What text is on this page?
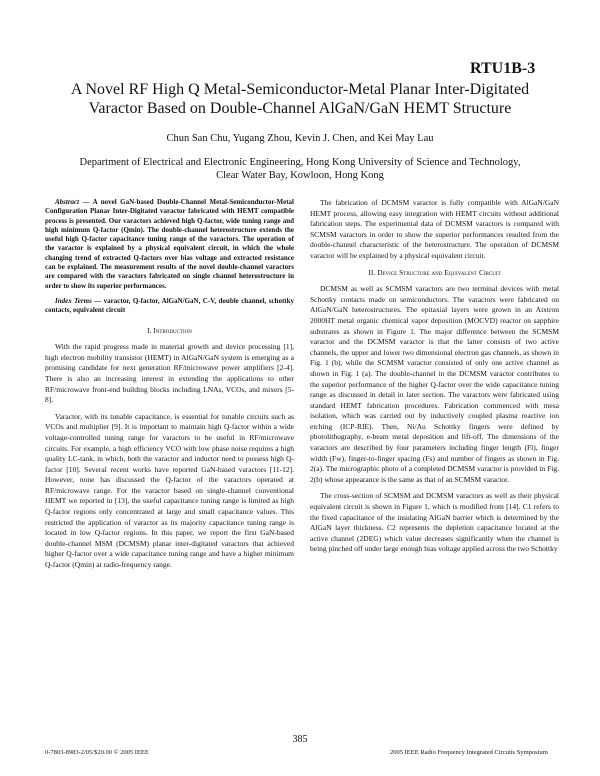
RTU1B-3
A Novel RF High Q Metal-Semiconductor-Metal Planar Inter-Digitated
Varactor Based on Double-Channel AlGaN/GaN HEMT Structure
Chun San Chu, Yugang Zhou, Kevin J. Chen, and Kei May Lau
Department of Electrical and Electronic Engineering, Hong Kong University of Science and Technology,
Clear Water Bay, Kowloon, Hong Kong

Abstract — A novel GaN-based Double-Channel Metal-Semiconductor-Metal Configuration Planar Inter-Digitated varactor fabricated with HEMT compatible process is presented. Our varactors achieved high Q-factor, wide tuning range and high minimum Q-factor (Qmin). The double-channel heterostructure extends the useful high Q-factor capacitance tuning range of the varactors. The operation of the varactor is explained by a physical equivalent circuit, in which the whole changing trend of extracted Q-factors over bias voltage and extracted resistance can be explained. The measurement results of the novel double-channel varactors are compared with the varactors fabricated on single channel heterostructure in order to show its superior performances.

Index Terms — varactor, Q-factor, AlGaN/GaN, C-V, double channel, schottky contacts, equivalent circuit

I. Introduction

With the rapid progress made in material growth and device processing [1], high electron mobility transistor (HEMT) in AlGaN/GaN system is emerging as a promising candidate for next generation RF/microwave power amplifiers [2-4]. There is also an increasing interest in extending the applications to other RF/microwave front-end building blocks including LNAs, VCOs, and mixers [5-8].

Varactor, with its tunable capacitance, is essential for tunable circuits such as VCOs and multiplier [9]. It is important to maintain high Q-factor within a wide voltage-controlled tuning range for varactors to be useful in RF/microwave circuits. For example, a high efficiency VCO with low phase noise requires a high quality LC-tank, in which, both the varactor and inductor need to possess high Q-factor [10]. Several recent works have reported GaN-based varactors [11-12]. However, none has discussed the Q-factor of the varactors operated at RF/microwave range. For the varactor based on single-channel conventional HEMT we reported in [13], the useful capacitance tuning range is limited as high Q-factor regions only concentrated at large and small capacitance values. This restricted the application of varactor as its majority capacitance tuning range is located in low Q-factor regions. In this paper, we report the first GaN-based double-channel MSM (DCMSM) planar inter-digitated varactors that achieved higher Q-factor over a wide capacitance tuning range and have a higher minimum Q-factor (Qmin) at radio-frequency range.

The fabrication of DCMSM varactor is fully compatible with AlGaN/GaN HEMT process, allowing easy integration with HEMT circuits without additional fabrication steps. The experimental data of DCMSM varactors is compared with SCMSM varactors in order to show the superior performances resulted from the double-channel characteristic of the heterostructure. The operation of DCMSM varactor will be explained by a physical equivalent circuit.

II. Device Structure and Equivalent Circuit

DCMSM as well as SCMSM varactors are two terminal devices with metal Schottky contacts made on semiconductors. The varactors were fabricated on AlGaN/GaN heterostructures. The epitaxial layers were grown in an Aixtron 2000HT metal organic chemical vapor deposition (MOCVD) reactor on sapphire substrates as shown in Figure 1. The major difference between the SCMSM varactor and the DCMSM varactor is that the latter consists of two active channels, the upper and lower two dimensional electron gas channels, as shown in Fig. 1 (b), while the SCMSM varactor consisted of only one active channel as shown in Fig. 1 (a). The double-channel in the DCMSM varactor contributes to the superior performance of the higher Q-factor over the wide capacitance tuning range as discussed in detail in later section. The varactors were fabricated using standard HEMT fabrication procedures. Fabrication commenced with mesa isolation, which was carried out by inductively coupled plasma reactive ion etching (ICP-RIE). Then, Ni/Au Schottky fingers were defined by photolithography, e-beam metal deposition and lift-off. The dimensions of the varactors are described by four parameters including finger length (Fl), finger width (Fw), finger-to-finger spacing (Fs) and number of fingers as shown in Fig. 2(a). The micrographic photo of a completed DCMSM varactor is provided in Fig. 2(b) whose appearance is the same as that of an SCMSM varactor.

The cross-section of SCMSM and DCMSM varactors as well as their physical equivalent circuit is shown in Figure 1, which is modified from [14]. C1 refers to the fixed capacitance of the insulating AlGaN barrier which is determined by the AlGaN layer thickness. C2 represents the depletion capacitance located at the active channel (2DEG) which value decreases significantly when the channel is being pinched off under large enough bias voltage applied across the two Schottky

385
0-7803-8983-2/05/$20.00 © 2005 IEEE	2005 IEEE Radio Frequency Integrated Circuits Symposium
